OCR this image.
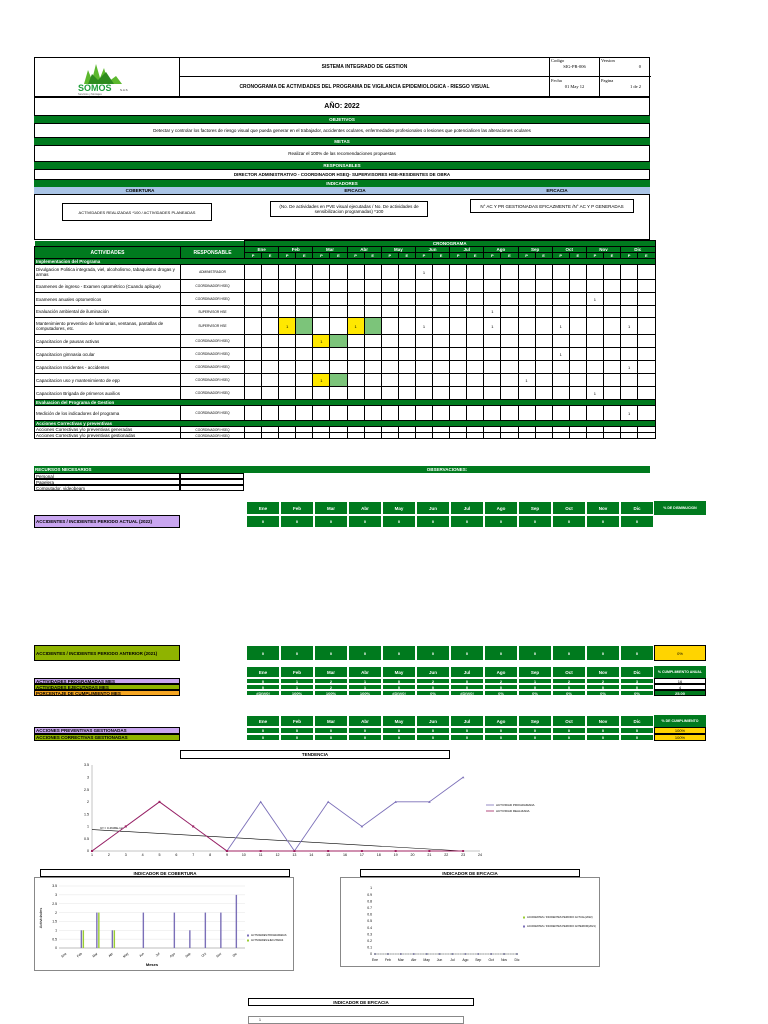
SOMOS	S.A.S
Servicios y Montajes
SISTEMA INTEGRADO DE GESTION
CRONOGRAMA DE ACTIVIDADES DEL PROGRAMA DE VIGILANCIA EPIDEMIOLOGICA - RIESGO VISUAL
Codigo
SIG-PR-006
Version
0
Fecha
01 May 12
Pagina
1 de 2
AÑO: 2022
OBJETIVOS
Detectar y controlar los factores de riesgo visual que pueda generar en el trabajador, accidentes oculares, enfermedades profesionales o lesiones que potencialicen las alteraciones oculares
METAS
Realizar el 100% de las recomendaciones propuestas
RESPONSABLES
DIRECTOR ADMINISTRATIVO - COORDINADOR HSEQ- SUPERVISORES HSE-RESIDENTES DE OBRA
INDICADORES
COBERTURA	EFICACIA	EFICACIA
ACTIVIDADES REALIZADAS *100 / ACTIVIDADES PLANEADAS
(No. De actividades en PVE visual ejecutadas / No. De actividades de sensibilizacion programadas) *100
N° AC Y PR GESTIONADAS EFICAZMENTE /N° AC Y P GENERADAS
		CRONOGRAMA																							
ACTIVIDADES	RESPONSABLE	Ene		Feb		Mar		Abr		May		Jun		Jul		Ago		Sep		Oct		Nov		Dic	
		P	E	P	E	P	E	P	E	P	E	P	E	P	E	P	E	P	E	P	E	P	E	P	E
Implementacion del Programa																									
Divulgacion Politica integrada, viel, alcoholismo, tabaquismo drogas y armas	ADMINISTRADOR											1													
Examenes de ingreso - Examen optométrico (Cuando aplique)	COORDINADOR HSEQ																								
Examenes anuales optometricos	COORDINADOR HSEQ																					1			
Evaluación ambiental de iluminación	SUPERVISOR HSE															1									
Mantenimiento preventivo de luminarias, ventanas, pantallas de computadores, etc.	SUPERVISOR HSE			1				1				1				1				1				1	
Capacitacion de pausas activas	COORDINADOR HSEQ					1																			
Capacitacion gimnasia ocular	COORDINADOR HSEQ																			1					
Capacitacion Incidentes - accidentes	COORDINADOR HSEQ																							1	
Capacitacion uso y mantenimiento de epp	COORDINADOR HSEQ					1												1							
Capacitacion Brigada de primeros auxilios	COORDINADOR HSEQ																					1			
Evaluacion del Programa de Gestion																									
Medición de los indicadores del programa	COORDINADOR HSEQ																							1	
Acciones Correctivas y preventivas																									
Acciones Correctivas y/o preventivas generadas	COORDINADOR HSEQ																								
Acciones Correctivas y/o preventivas gestionadas	COORDINADOR HSEQ																								
RECURSOS NECESARIOS	OBSERVACIONES:
Personal
Papelera
Computador, videobeam
Ene	Feb	Mar	Abr	May	Jun	Jul	Ago	Sep	Oct	Nov	Dic	% DE DISMINUCION
ACCIDENTES / INCIDENTES PERIODO ACTUAL (2022)	0	0	0	0	0	0	0	0	0	0	0	0
ACCIDENTES / INCIDENTES PERIODO ANTERIOR (2021)	0	0	0	0	0	0	0	0	0	0	0	0	0%
Ene	Feb	Mar	Abr	May	Jun	Jul	Ago	Sep	Oct	Nov	Dic	% CUMPLIMIENTO ANUAL
ACTIVIDADES PROGRAMADAS MES	0	1	2	1	0	2	0	2	1	2	2	3	16
ACTIVIDADES EJECUTADAS MES	0	1	2	1	0	0	0	0	0	0	0	0	4
PORCENTAJE DE CUMPLIMIENTO MES	#DIV/0!	100%	100%	100%	#DIV/0!	0%	#DIV/0!	0%	0%	0%	0%	0%	25.00
Ene	Feb	Mar	Abr	May	Jun	Jul	Ago	Sep	Oct	Nov	Dic	% DE CUMPLIMIENTO
ACCIONES PREVENTIVAS GESTIONADAS	0	0	0	0	0	0	0	0	0	0	0	0	100%
ACCIONES CORRECTIVAS GESTIONADAS	0	0	0	0	0	0	0	0	0	0	0	0	100%
TENDENCIA
0
0.5
1
1.5
2
2.5
3
3.5
1	2	3	4	5	6	7	8	9	10	11	12	13	14	15	16	17	18	19	20	21	22	23	24
R² = 0.4636E-12
ACTIVIDAD PROGRAMADA
ACTIVIDAD REALIZADA
INDICADOR DE COBERTURA
0
0.5
1
1.5
2
2.5
3
3.5
Ene	Feb	Mar	Abr	May	Jun	Jul	Ago	Sep	Oct	Nov	Dic
Meses
Actividades
ACTIVIDADES PROGRAMADAS
ACTIVIDADES EJECUTADAS
INDICADOR DE EFICACIA
0
0.1
0.2
0.3
0.4
0.5
0.6
0.7
0.8
0.9
1
Ene Feb Mar Abr May Jun Jul Ago Sep Oct Nov Dic
ACCIDENTES / INCIDENTES PERIODO ACTUAL(2022)
ACCIDENTES / INCIDENTES PERIODO ANTERIOR(2021)
INDICADOR DE EFICACIA
1
